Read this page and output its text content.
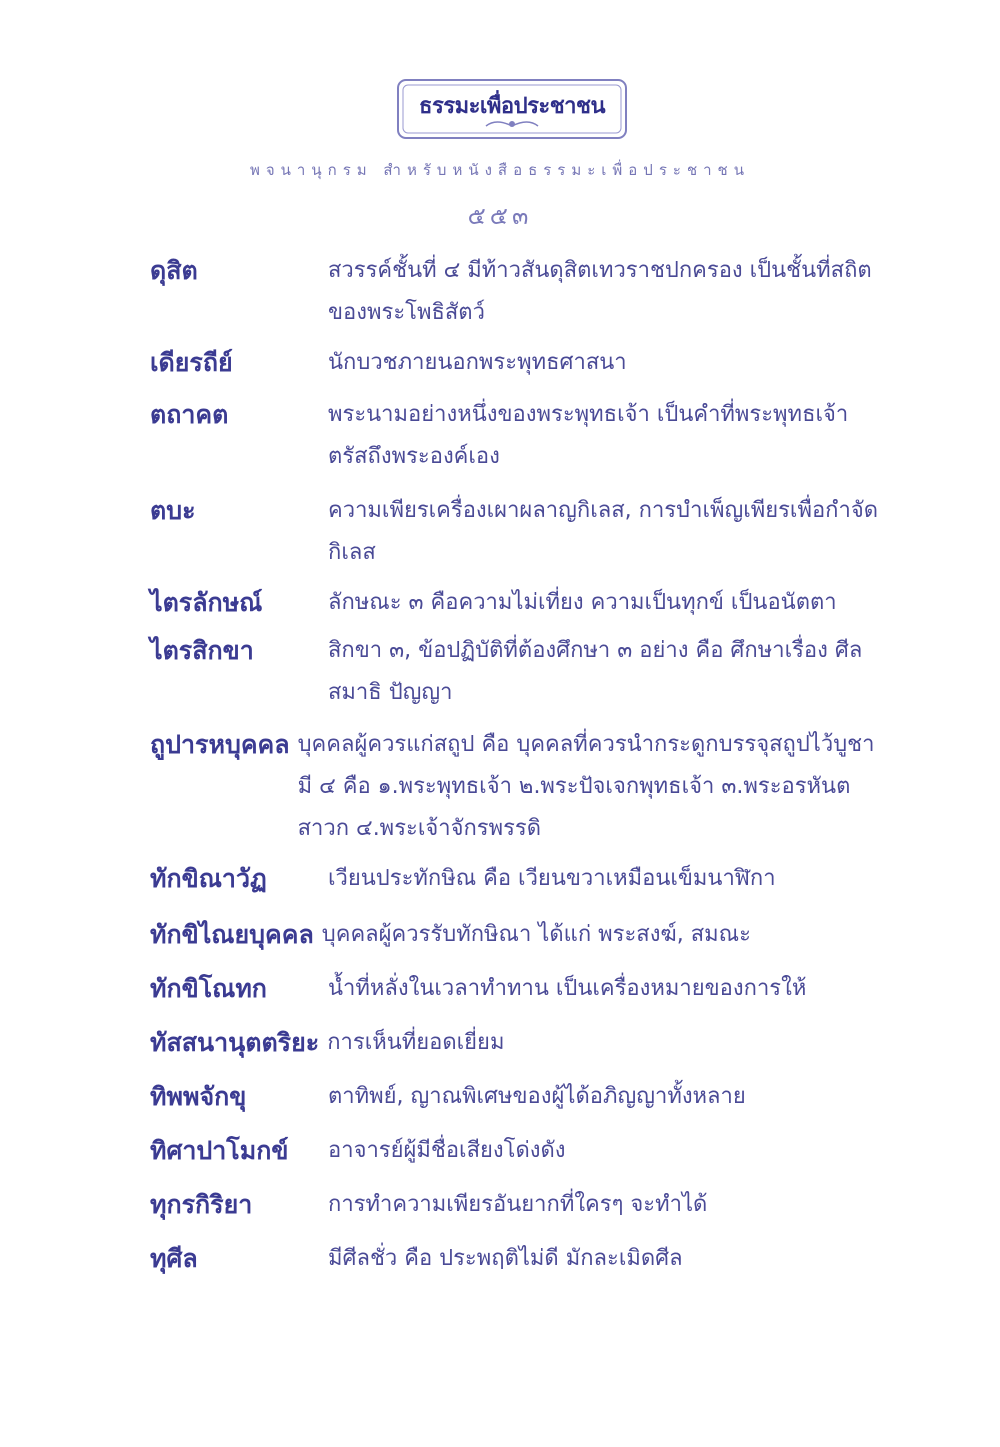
ธรรมะเพื่อประชาชน
พจนานุกรม สำหรับหนังสือธรรมะเพื่อประชาชน
๕๕๓
ดุสิต	สวรรค์ชั้นที่ ๔ มีท้าวสันดุสิตเทวราชปกครอง เป็นชั้นที่สถิตของพระโพธิสัตว์
เดียรถีย์	นักบวชภายนอกพระพุทธศาสนา
ตถาคต	พระนามอย่างหนึ่งของพระพุทธเจ้า เป็นคำที่พระพุทธเจ้าตรัสถึงพระองค์เอง
ตบะ	ความเพียรเครื่องเผาผลาญกิเลส, การบำเพ็ญเพียรเพื่อกำจัดกิเลส
ไตรลักษณ์	ลักษณะ ๓ คือความไม่เที่ยง ความเป็นทุกข์ เป็นอนัตตา
ไตรสิกขา	สิกขา ๓, ข้อปฏิบัติที่ต้องศึกษา ๓ อย่าง คือ ศึกษาเรื่อง ศีล สมาธิ ปัญญา
ถูปารหบุคคล บุคคลผู้ควรแก่สถูป คือ บุคคลที่ควรนำกระดูกบรรจุสถูปไว้บูชา มี ๔ คือ ๑.พระพุทธเจ้า ๒.พระปัจเจกพุทธเจ้า ๓.พระอรหันตสาวก ๔.พระเจ้าจักรพรรดิ
ทักขิณาวัฏ	เวียนประทักษิณ คือ เวียนขวาเหมือนเข็มนาฬิกา
ทักขิไณยบุคคล บุคคลผู้ควรรับทักษิณา ได้แก่ พระสงฆ์, สมณะ
ทักขิโณทก	น้ำที่หลั่งในเวลาทำทาน เป็นเครื่องหมายของการให้
ทัสสนานุตตริยะ การเห็นที่ยอดเยี่ยม
ทิพพจักขุ	ตาทิพย์, ญาณพิเศษของผู้ได้อภิญญาทั้งหลาย
ทิศาปาโมกข์	อาจารย์ผู้มีชื่อเสียงโด่งดัง
ทุกรกิริยา	การทำความเพียรอันยากที่ใครๆ จะทำได้
ทุศีล	มีศีลชั่ว คือ ประพฤติไม่ดี มักละเมิดศีล
